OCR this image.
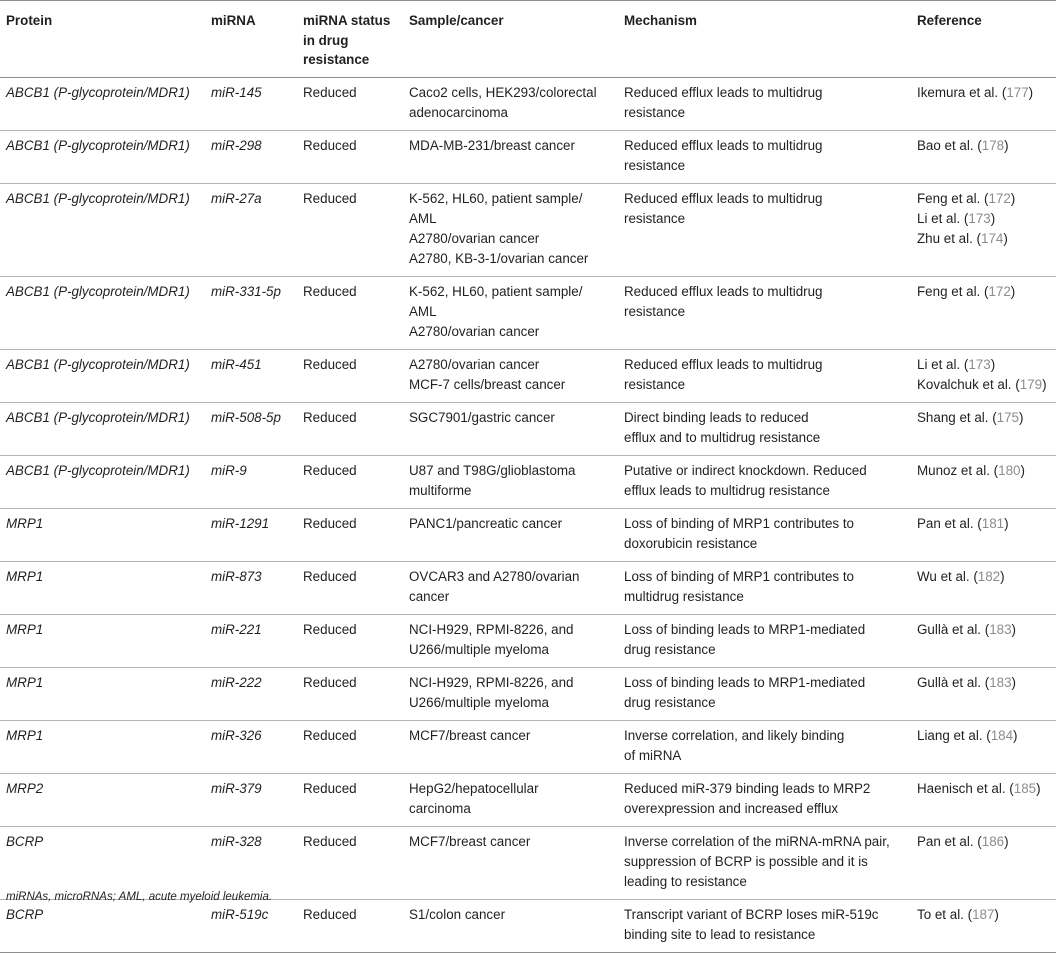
Protein	miRNA	miRNA status in drug resistance	Sample/cancer	Mechanism	Reference
ABCB1 (P-glycoprotein/MDR1)	miR-145	Reduced	Caco2 cells, HEK293/colorectal
adenocarcinoma	Reduced efflux leads to multidrug
resistance	Ikemura et al. (177)

ABCB1 (P-glycoprotein/MDR1)	miR-298	Reduced	MDA-MB-231/breast cancer	Reduced efflux leads to multidrug
resistance	Bao et al. (178)

ABCB1 (P-glycoprotein/MDR1)	miR-27a	Reduced	K-562, HL60, patient sample/
AML
A2780/ovarian cancer
A2780, KB-3-1/ovarian cancer	Reduced efflux leads to multidrug
resistance	Feng et al. (172)
Li et al. (173)
Zhu et al. (174)

ABCB1 (P-glycoprotein/MDR1)	miR-331-5p	Reduced	K-562, HL60, patient sample/
AML
A2780/ovarian cancer	Reduced efflux leads to multidrug
resistance	Feng et al. (172)

ABCB1 (P-glycoprotein/MDR1)	miR-451	Reduced	A2780/ovarian cancer
MCF-7 cells/breast cancer	Reduced efflux leads to multidrug
resistance	Li et al. (173)
Kovalchuk et al. (179)

ABCB1 (P-glycoprotein/MDR1)	miR-508-5p	Reduced	SGC7901/gastric cancer	Direct binding leads to reduced
efflux and to multidrug resistance	Shang et al. (175)

ABCB1 (P-glycoprotein/MDR1)	miR-9	Reduced	U87 and T98G/glioblastoma
multiforme	Putative or indirect knockdown. Reduced
efflux leads to multidrug resistance	Munoz et al. (180)

MRP1	miR-1291	Reduced	PANC1/pancreatic cancer	Loss of binding of MRP1 contributes to
doxorubicin resistance	Pan et al. (181)

MRP1	miR-873	Reduced	OVCAR3 and A2780/ovarian
cancer	Loss of binding of MRP1 contributes to
multidrug resistance	Wu et al. (182)

MRP1	miR-221	Reduced	NCI-H929, RPMI-8226, and
U266/multiple myeloma	Loss of binding leads to MRP1-mediated
drug resistance	Gullà et al. (183)

MRP1	miR-222	Reduced	NCI-H929, RPMI-8226, and
U266/multiple myeloma	Loss of binding leads to MRP1-mediated
drug resistance	Gullà et al. (183)

MRP1	miR-326	Reduced	MCF7/breast cancer	Inverse correlation, and likely binding
of miRNA	Liang et al. (184)

MRP2	miR-379	Reduced	HepG2/hepatocellular
carcinoma	Reduced miR-379 binding leads to MRP2
overexpression and increased efflux	Haenisch et al. (185)

BCRP	miR-328	Reduced	MCF7/breast cancer	Inverse correlation of the miRNA-mRNA pair,
suppression of BCRP is possible and it is
leading to resistance	Pan et al. (186)

BCRP	miR-519c	Reduced	S1/colon cancer	Transcript variant of BCRP loses miR-519c
binding site to lead to resistance	To et al. (187)
miRNAs, microRNAs; AML, acute myeloid leukemia.
